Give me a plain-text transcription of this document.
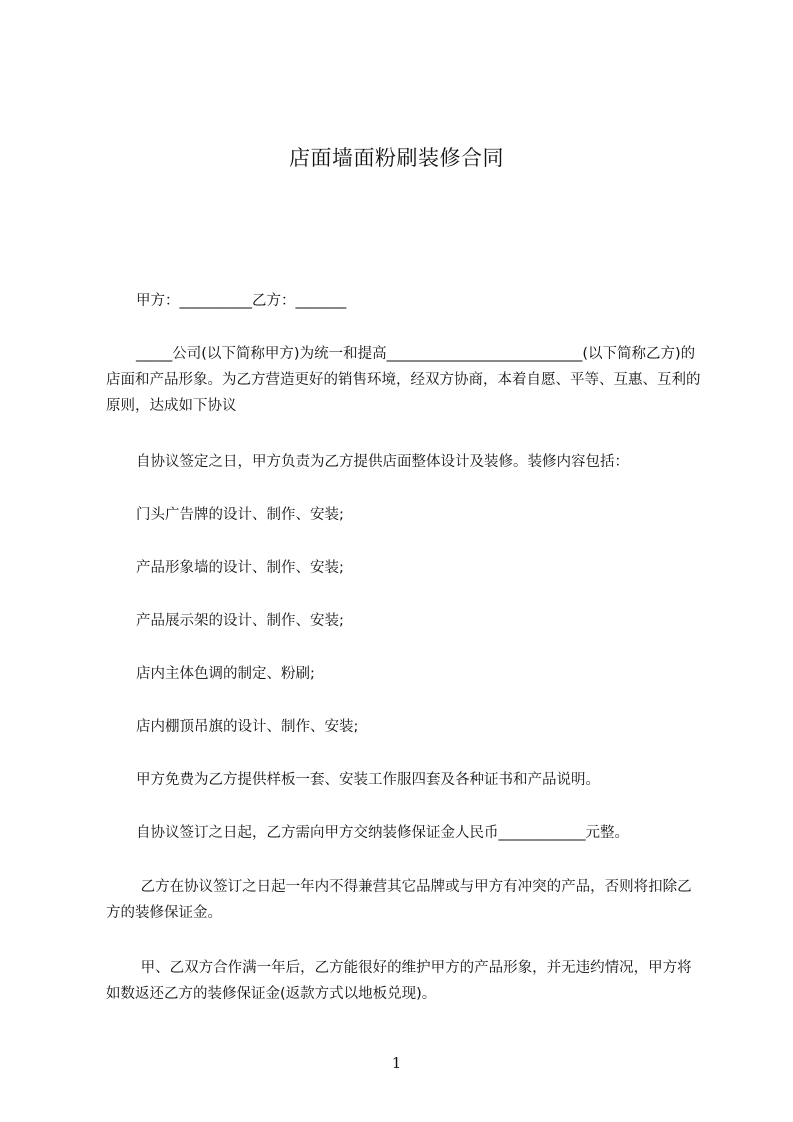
店面墙面粉刷装修合同
甲方：__________乙方：_______
_____公司(以下简称甲方)为统一和提高___________________________(以下简称乙方)的店面和产品形象。为乙方营造更好的销售环境，经双方协商，本着自愿、平等、互惠、互利的原则，达成如下协议
自协议签定之日，甲方负责为乙方提供店面整体设计及装修。装修内容包括：
门头广告牌的设计、制作、安装;
产品形象墙的设计、制作、安装;
产品展示架的设计、制作、安装;
店内主体色调的制定、粉刷;
店内棚顶吊旗的设计、制作、安装;
甲方免费为乙方提供样板一套、安装工作服四套及各种证书和产品说明。
自协议签订之日起，乙方需向甲方交纳装修保证金人民币____________元整。
乙方在协议签订之日起一年内不得兼营其它品牌或与甲方有冲突的产品，否则将扣除乙方的装修保证金。
甲、乙双方合作满一年后，乙方能很好的维护甲方的产品形象，并无违约情况，甲方将如数返还乙方的装修保证金(返款方式以地板兑现)。
1
